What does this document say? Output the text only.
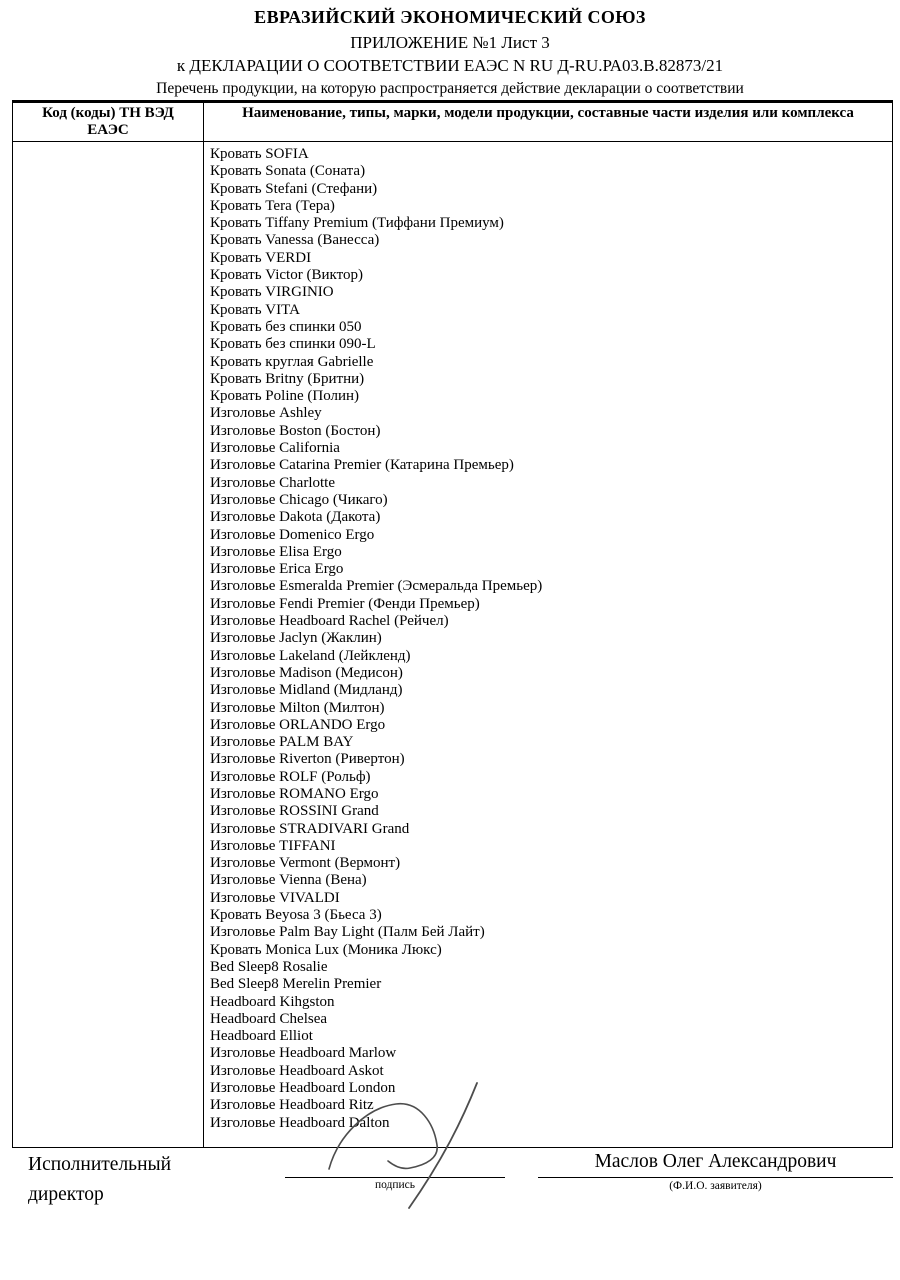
ЕВРАЗИЙСКИЙ ЭКОНОМИЧЕСКИЙ СОЮЗ
ПРИЛОЖЕНИЕ №1 Лист 3
к ДЕКЛАРАЦИИ О СООТВЕТСТВИИ ЕАЭС N RU Д-RU.РА03.В.82873/21
Перечень продукции, на которую распространяется действие декларации о соответствии
Код (коды) ТН ВЭД ЕАЭС
Наименование, типы, марки, модели продукции, составные части изделия или комплекса
Кровать SOFIA
Кровать Sonata (Соната)
Кровать Stefani (Стефани)
Кровать Tera (Тера)
Кровать Tiffany Premium (Тиффани Премиум)
Кровать Vanessa (Ванесса)
Кровать VERDI
Кровать Victor (Виктор)
Кровать VIRGINIO
Кровать VITA
Кровать без спинки 050
Кровать без спинки 090-L
Кровать круглая Gabrielle
Кровать Britny (Бритни)
Кровать Poline (Полин)
Изголовье Ashley
Изголовье Boston (Бостон)
Изголовье California
Изголовье Catarina Premier (Катарина Премьер)
Изголовье Charlotte
Изголовье Chicago (Чикаго)
Изголовье Dakota (Дакота)
Изголовье Domenico Ergo
Изголовье Elisa Ergo
Изголовье Erica Ergo
Изголовье Esmeralda Premier (Эсмеральда Премьер)
Изголовье Fendi Premier (Фенди Премьер)
Изголовье Headboard Rachel (Рейчел)
Изголовье Jaclyn (Жаклин)
Изголовье Lakeland (Лейкленд)
Изголовье Madison (Медисон)
Изголовье Midland (Мидланд)
Изголовье Milton (Милтон)
Изголовье ORLANDO Ergo
Изголовье PALM BAY
Изголовье Riverton (Ривертон)
Изголовье ROLF (Рольф)
Изголовье ROMANO Ergo
Изголовье ROSSINI Grand
Изголовье STRADIVARI Grand
Изголовье TIFFANI
Изголовье Vermont (Вермонт)
Изголовье Vienna (Вена)
Изголовье VIVALDI
Кровать Beyosa 3 (Бьеса 3)
Изголовье Palm Bay Light (Палм Бей Лайт)
Кровать Monica Lux (Моника Люкс)
Bed Sleep8 Rosalie
Bed Sleep8 Merelin Premier
Headboard Kihgston
Headboard Chelsea
Headboard Elliot
Изголовье Headboard Marlow
Изголовье Headboard Askot
Изголовье Headboard London
Изголовье Headboard Ritz
Изголовье Headboard Dalton
Исполнительный директор	подпись
Маслов Олег Александрович
(Ф.И.О. заявителя)
